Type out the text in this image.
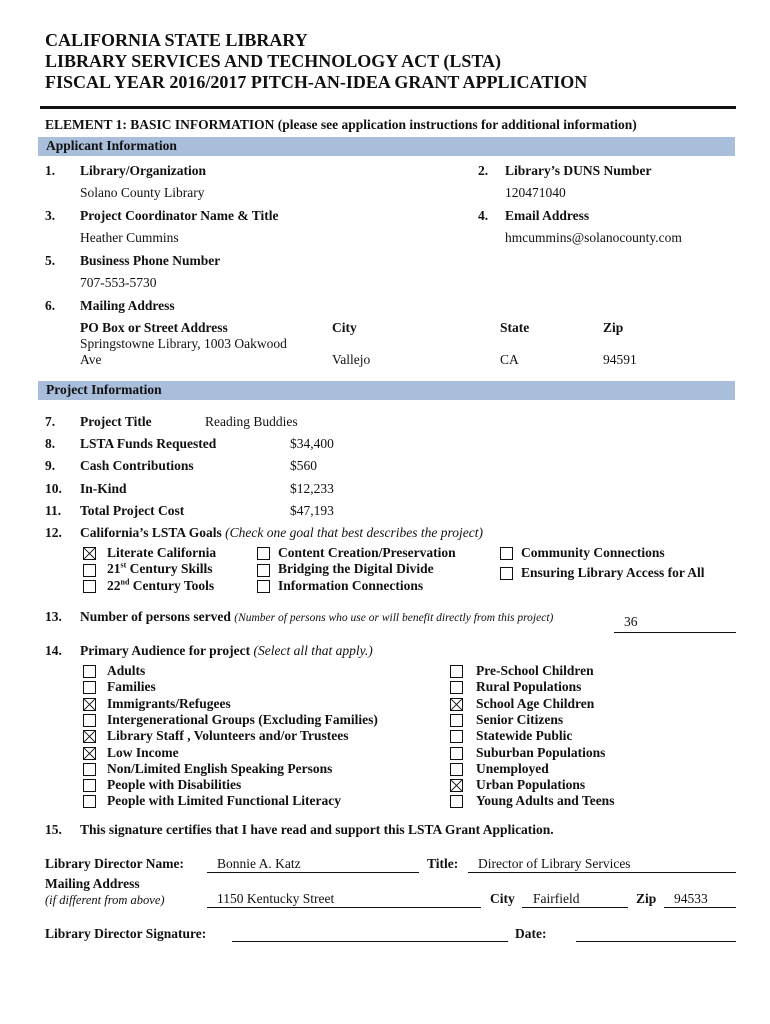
CALIFORNIA STATE LIBRARY
LIBRARY SERVICES AND TECHNOLOGY ACT (LSTA)
FISCAL YEAR 2016/2017 PITCH-AN-IDEA GRANT APPLICATION
ELEMENT 1: BASIC INFORMATION (please see application instructions for additional information)
Applicant Information
1. Library/Organization
Solano County Library
2. Library’s DUNS Number
120471040
3. Project Coordinator Name & Title
Heather Cummins
4. Email Address
hmcummins@solanocounty.com
5. Business Phone Number
707-553-5730
6. Mailing Address
PO Box or Street Address
Springstowne Library, 1003 Oakwood
Ave
City
Vallejo
State
CA
Zip
94591
Project Information
7. Project Title	Reading Buddies
8. LSTA Funds Requested	$34,400
9. Cash Contributions	$560
10. In-Kind	$12,233
11. Total Project Cost	$47,193
12. California’s LSTA Goals (Check one goal that best describes the project)
Literate California
21st Century Skills
22nd Century Tools
Content Creation/Preservation
Bridging the Digital Divide
Information Connections
Community Connections
Ensuring Library Access for All
13. Number of persons served (Number of persons who use or will benefit directly from this project)	36
14. Primary Audience for project (Select all that apply.)
Adults
Families
Immigrants/Refugees
Intergenerational Groups (Excluding Families)
Library Staff , Volunteers and/or Trustees
Low Income
Non/Limited English Speaking Persons
People with Disabilities
People with Limited Functional Literacy
Pre-School Children
Rural Populations
School Age Children
Senior Citizens
Statewide Public
Suburban Populations
Unemployed
Urban Populations
Young Adults and Teens
15. This signature certifies that I have read and support this LSTA Grant Application.
Library Director Name: Bonnie A. Katz	Title: Director of Library Services
Mailing Address
(if different from above)	1150 Kentucky Street	City Fairfield	Zip 94533
Library Director Signature:	Date:
